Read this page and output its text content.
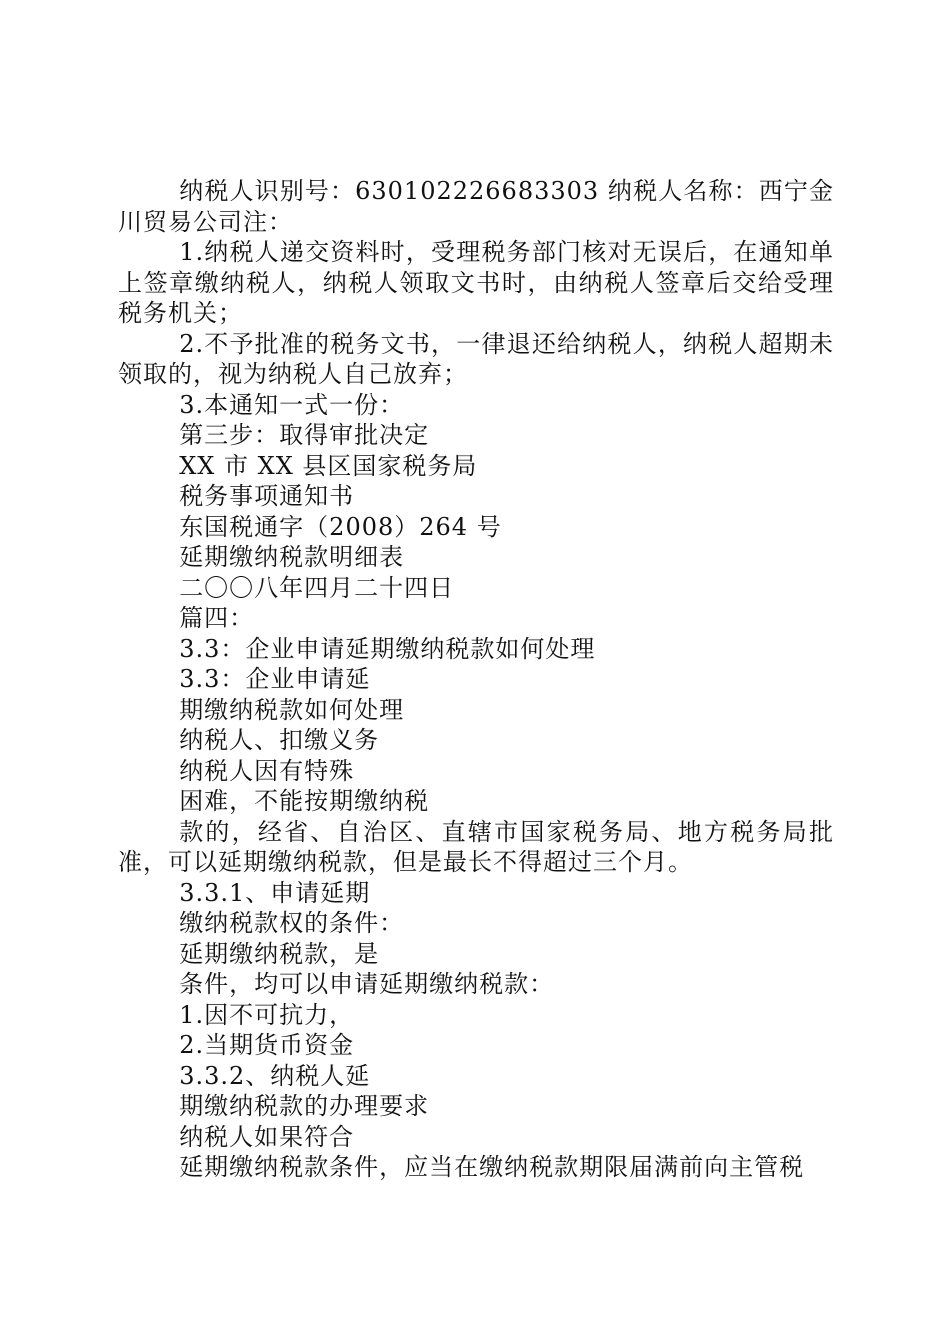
纳税人识别号：630102226683303 纳税人名称：西宁金川贸易公司注：

1.纳税人递交资料时，受理税务部门核对无误后，在通知单上签章缴纳税人，纳税人领取文书时，由纳税人签章后交给受理税务机关；

2.不予批准的税务文书，一律退还给纳税人，纳税人超期未领取的，视为纳税人自己放弃；

3.本通知一式一份：

第三步：取得审批决定

XX 市 XX 县区国家税务局

税务事项通知书

东国税通字（2008）264 号

延期缴纳税款明细表

二〇〇八年四月二十四日

篇四：

3.3：企业申请延期缴纳税款如何处理

3.3：企业申请延

期缴纳税款如何处理

纳税人、扣缴义务

纳税人因有特殊

困难，不能按期缴纳税

款的，经省、自治区、直辖市国家税务局、地方税务局批准，可以延期缴纳税款，但是最长不得超过三个月。

3.3.1、申请延期

缴纳税款权的条件：

延期缴纳税款，是

条件，均可以申请延期缴纳税款：

1.因不可抗力，

2.当期货币资金

3.3.2、纳税人延

期缴纳税款的办理要求

纳税人如果符合

延期缴纳税款条件，应当在缴纳税款期限届满前向主管税
